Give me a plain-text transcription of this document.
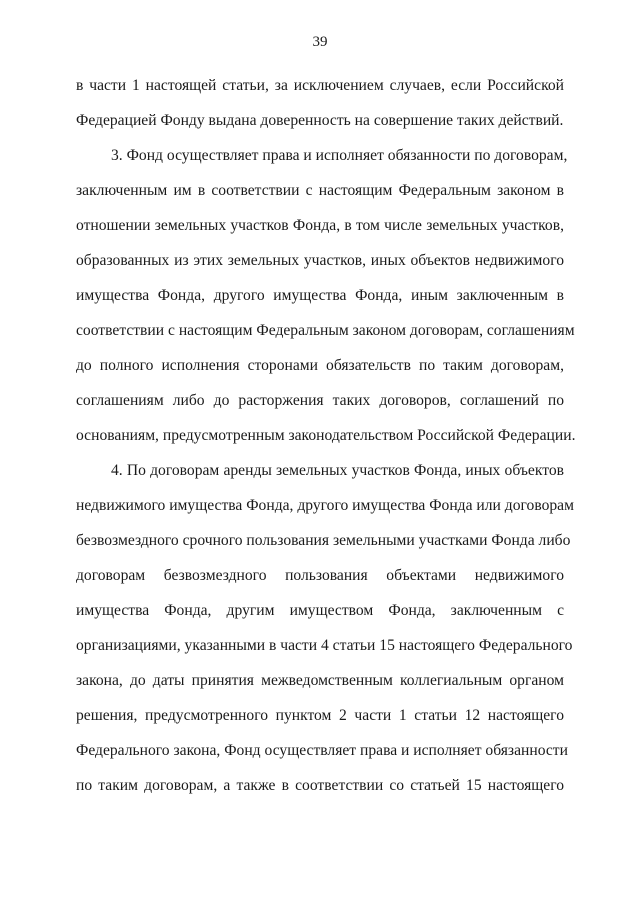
39
в части 1 настоящей статьи, за исключением случаев, если Российской
Федерацией Фонду выдана доверенность на совершение таких действий.
3. Фонд осуществляет права и исполняет обязанности по договорам,
заключенным им в соответствии с настоящим Федеральным законом в
отношении земельных участков Фонда, в том числе земельных участков,
образованных из этих земельных участков, иных объектов недвижимого
имущества Фонда, другого имущества Фонда, иным заключенным в
соответствии с настоящим Федеральным законом договорам, соглашениям
до полного исполнения сторонами обязательств по таким договорам,
соглашениям либо до расторжения таких договоров, соглашений по
основаниям, предусмотренным законодательством Российской Федерации.
4. По договорам аренды земельных участков Фонда, иных объектов
недвижимого имущества Фонда, другого имущества Фонда или договорам
безвозмездного срочного пользования земельными участками Фонда либо
договорам безвозмездного пользования объектами недвижимого
имущества Фонда, другим имуществом Фонда, заключенным с
организациями, указанными в части 4 статьи 15 настоящего Федерального
закона, до даты принятия межведомственным коллегиальным органом
решения, предусмотренного пунктом 2 части 1 статьи 12 настоящего
Федерального закона, Фонд осуществляет права и исполняет обязанности
по таким договорам, а также в соответствии со статьей 15 настоящего
